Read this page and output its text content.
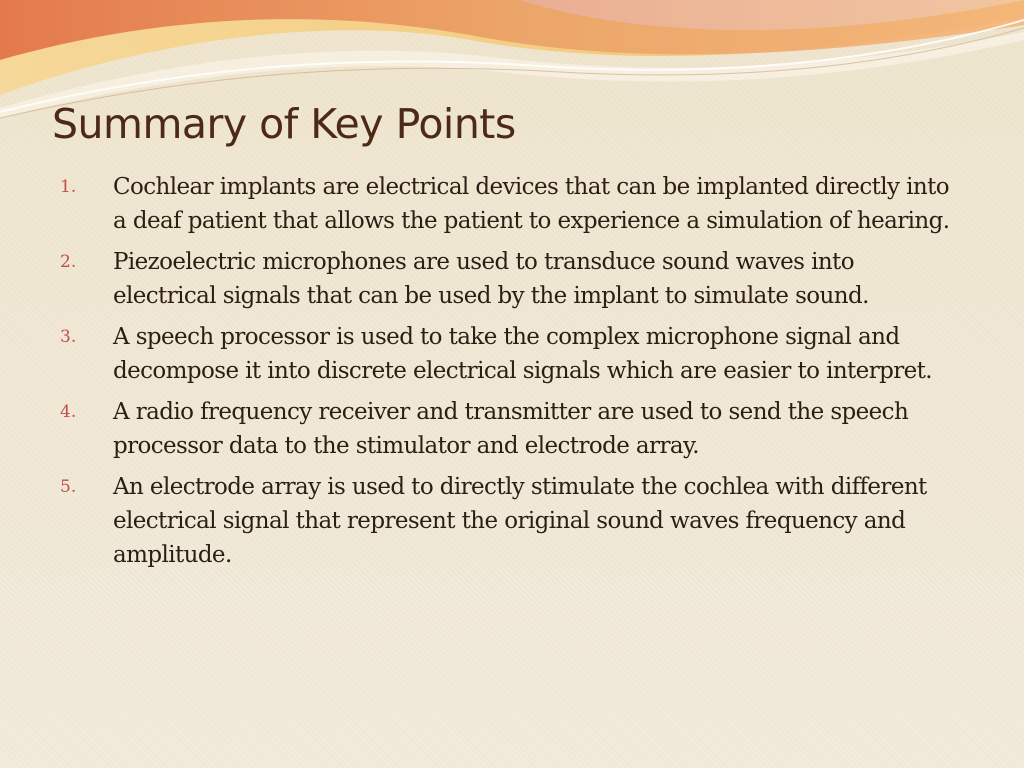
Summary of Key Points
1. Cochlear implants are electrical devices that can be implanted directly into a deaf patient that allows the patient to experience a simulation of hearing.
2. Piezoelectric microphones are used to transduce sound waves into electrical signals that can be used by the implant to simulate sound.
3. A speech processor is used to take the complex microphone signal and decompose it into discrete electrical signals which are easier to interpret.
4. A radio frequency receiver and transmitter are used to send the speech processor data to the stimulator and electrode array.
5. An electrode array is used to directly stimulate the cochlea with different electrical signal that represent the original sound waves frequency and amplitude.
